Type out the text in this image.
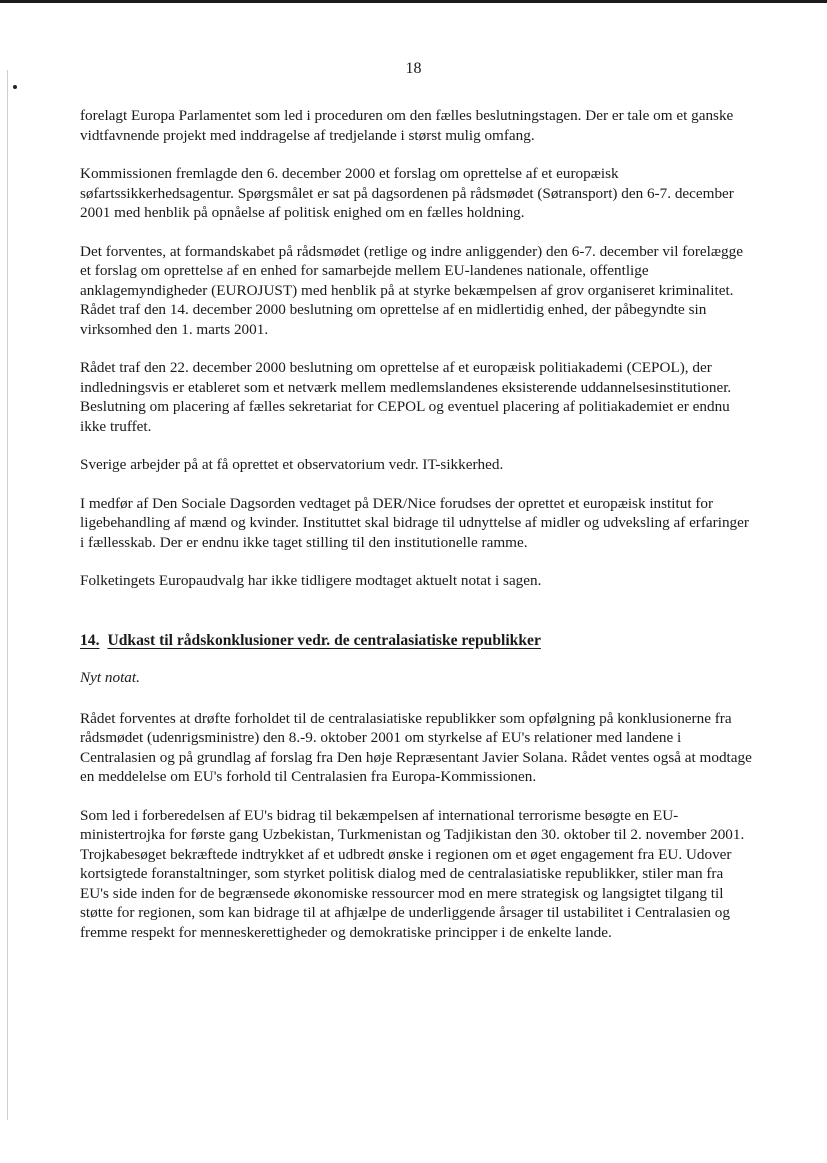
18

forelagt Europa Parlamentet som led i proceduren om den fælles beslutningstagen. Der er tale om et ganske vidtfavnende projekt med inddragelse af tredjelande i størst mulig omfang.

Kommissionen fremlagde den 6. december 2000 et forslag om oprettelse af et europæisk søfartssikkerhedsagentur. Spørgsmålet er sat på dagsordenen på rådsmødet (Søtransport) den 6-7. december 2001 med henblik på opnåelse af politisk enighed om en fælles holdning.

Det forventes, at formandskabet på rådsmødet (retlige og indre anliggender) den 6-7. december vil forelægge et forslag om oprettelse af en enhed for samarbejde mellem EU-landenes nationale, offentlige anklagemyndigheder (EUROJUST) med henblik på at styrke bekæmpelsen af grov organiseret kriminalitet. Rådet traf den 14. december 2000 beslutning om oprettelse af en midlertidig enhed, der påbegyndte sin virksomhed den 1. marts 2001.

Rådet traf den 22. december 2000 beslutning om oprettelse af et europæisk politiakademi (CEPOL), der indledningsvis er etableret som et netværk mellem medlemslandenes eksisterende uddannelsesinstitutioner. Beslutning om placering af fælles sekretariat for CEPOL og eventuel placering af politiakademiet er endnu ikke truffet.

Sverige arbejder på at få oprettet et observatorium vedr. IT-sikkerhed.

I medfør af Den Sociale Dagsorden vedtaget på DER/Nice forudses der oprettet et europæisk institut for ligebehandling af mænd og kvinder. Instituttet skal bidrage til udnyttelse af midler og udveksling af erfaringer i fællesskab. Der er endnu ikke taget stilling til den institutionelle ramme.

Folketingets Europaudvalg har ikke tidligere modtaget aktuelt notat i sagen.

14. Udkast til rådskonklusioner vedr. de centralasiatiske republikker

Nyt notat.

Rådet forventes at drøfte forholdet til de centralasiatiske republikker som opfølgning på konklusionerne fra rådsmødet (udenrigsministre) den 8.-9. oktober 2001 om styrkelse af EU's relationer med landene i Centralasien og på grundlag af forslag fra Den høje Repræsentant Javier Solana. Rådet ventes også at modtage en meddelelse om EU's forhold til Centralasien fra Europa-Kommissionen.

Som led i forberedelsen af EU's bidrag til bekæmpelsen af international terrorisme besøgte en EU-ministertrojka for første gang Uzbekistan, Turkmenistan og Tadjikistan den 30. oktober til 2. november 2001. Trojkabesøget bekræftede indtrykket af et udbredt ønske i regionen om et øget engagement fra EU. Udover kortsigtede foranstaltninger, som styrket politisk dialog med de centralasiatiske republikker, stiler man fra EU's side inden for de begrænsede økonomiske ressourcer mod en mere strategisk og langsigtet tilgang til støtte for regionen, som kan bidrage til at afhjælpe de underliggende årsager til ustabilitet i Centralasien og fremme respekt for menneskerettigheder og demokratiske principper i de enkelte lande.
